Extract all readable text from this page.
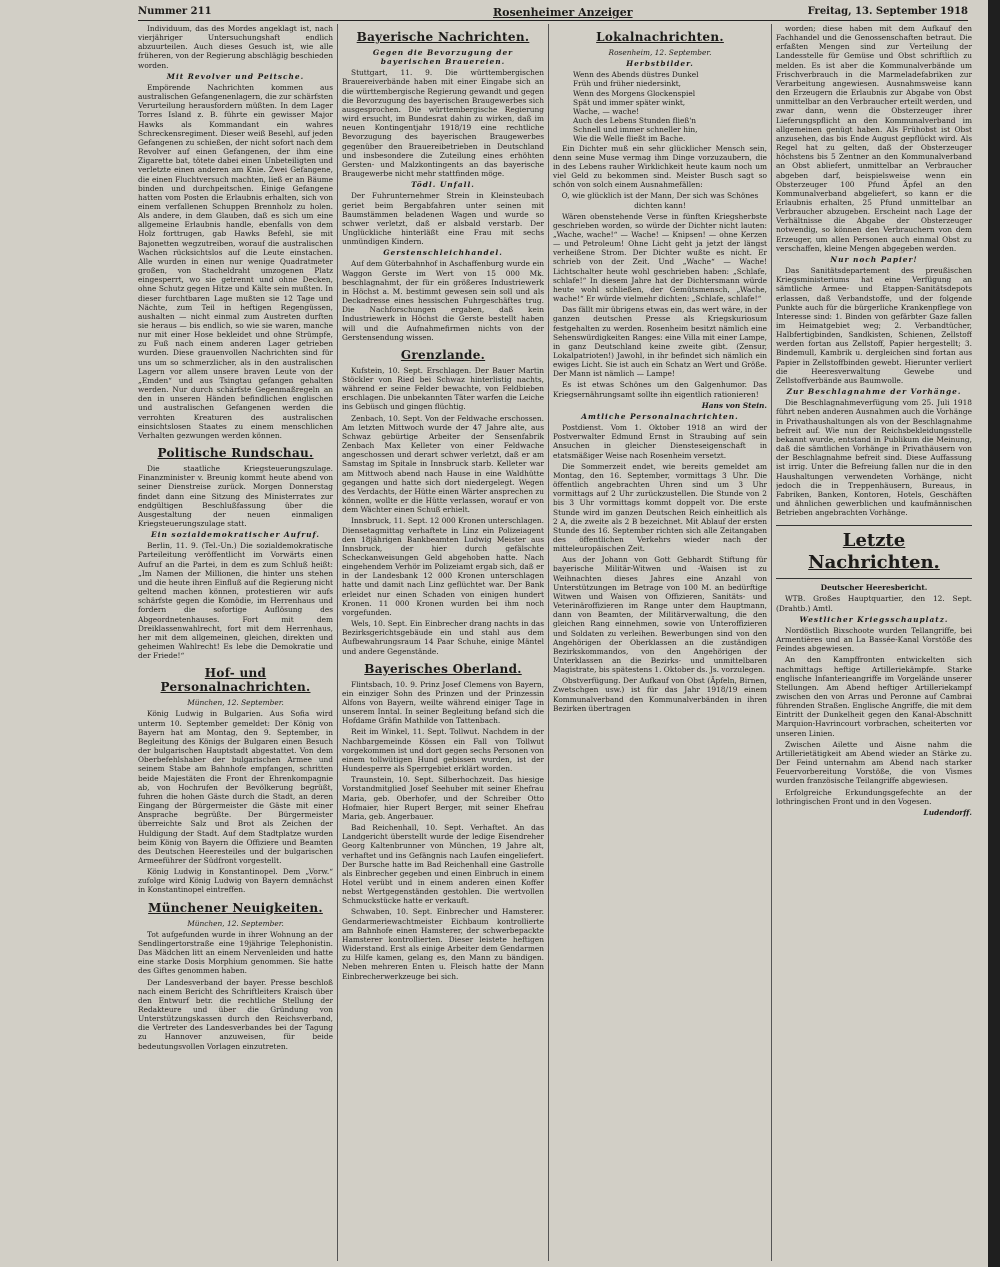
Nummer 211	Rosenheimer Anzeiger	Freitag, 13. September 1918

Individuum, das des Mordes angeklagt ist, nach vierjähriger Untersuchungshaft endlich abzuurteilen. Auch dieses Gesuch ist, wie alle früheren, von der Regierung abschlägig beschieden worden.

Mit Revolver und Peitsche.

Empörende Nachrichten kommen aus australischen Gefangenenlagern, die zur schärfsten Verurteilung herausfordern müßten. In dem Lager Torres Island z. B. führte ein gewisser Major Hawks als Kommandant ein wahres Schreckensregiment. Dieser weiß Besehl, auf jeden Gefangenen zu schießen, der nicht sofort nach dem Revolver auf einen Gefangenen, der ihm eine Zigarette bat, tötete dabei einen Unbeteiligten und verletzte einen anderen am Knie. Zwei Gefangene, die einen Fluchtversuch machten, ließ er an Bäume binden und durchpeitschen. Einige Gefangene hatten vom Posten die Erlaubnis erhalten, sich von einem verfallenen Schuppen Brennholz zu holen. Als andere, in dem Glauben, daß es sich um eine allgemeine Erlaubnis handle, ebenfalls von dem Holz forttrugen, gab Hawks Befehl, sie mit Bajonetten wegzutreiben, worauf die australischen Wachen rücksichtslos auf die Leute einstachen. Alle wurden in einen nur wenige Quadratmeter großen, von Stacheldraht umzogenen Platz eingesperrt, wo sie getrennt und ohne Decken, ohne Schutz gegen Hitze und Kälte sein mußten. In dieser furchtbaren Lage mußten sie 12 Tage und Nächte, zum Teil in heftigen Regengüssen, aushalten — nicht einmal zum Austreten durften sie heraus — bis endlich, so wie sie waren, manche nur mit einer Hose bekleidet und ohne Strümpfe, zu Fuß nach einem anderen Lager getrieben wurden. Diese grauenvollen Nachrichten sind für uns um so schmerzlicher, als in den australischen Lagern vor allem unsere braven Leute von der „Emden“ und aus Tsingtau gefangen gehalten werden. Nur durch schärfste Gegenmaßregeln an den in unseren Händen befindlichen englischen und australischen Gefangenen werden die verrohten Kreaturen des australischen einsichtslosen Staates zu einem menschlichen Verhalten gezwungen werden können.

Politische Rundschau.

Die staatliche Kriegsteuerungszulage. Finanzminister v. Breunig kommt heute abend von seiner Dienstreise zurück. Morgen Donnerstag findet dann eine Sitzung des Ministerrates zur endgültigen Beschlußfassung über die Ausgestaltung der neuen einmaligen Kriegsteuerungszulage statt.

Ein sozialdemokratischer Aufruf.

Berlin, 11. 9. (Tel.-Un.) Die sozialdemokratische Parteileitung veröffentlicht im Vorwärts einen Aufruf an die Partei, in dem es zum Schluß heißt: „Im Namen der Millionen, die hinter uns stehen und die heute ihren Einfluß auf die Regierung nicht geltend machen können, protestieren wir aufs schärfste gegen die Komödie, im Herrenhaus und fordern die sofortige Auflösung des Abgeordnetenhauses. Fort mit dem Dreiklassenwahlrecht, fort mit dem Herrenhaus, her mit dem allgemeinen, gleichen, direkten und geheimen Wahlrecht! Es lebe die Demokratie und der Friede!“

Hof- und Personalnachrichten.
München, 12. September.

König Ludwig in Bulgarien. Aus Sofia wird unterm 10. September gemeldet: Der König von Bayern hat am Montag, den 9. September, in Begleitung des Königs der Bulgaren einen Besuch der bulgarischen Hauptstadt abgestattet. Von dem Oberbefehlshaber der bulgarischen Armee und seinem Stabe am Bahnhofe empfangen, schritten beide Majestäten die Front der Ehrenkompagnie ab, von Hochrufen der Bevölkerung begrüßt, fuhren die hohen Gäste durch die Stadt, an deren Eingang der Bürgermeister die Gäste mit einer Ansprache begrüßte. Der Bürgermeister überreichte Salz und Brot als Zeichen der Huldigung der Stadt. Auf dem Stadtplatze wurden beim König von Bayern die Offiziere und Beamten des Deutschen Heeresteiles und der bulgarischen Armeeführer der Südfront vorgestellt.

König Ludwig in Konstantinopel. Dem „Vorw.“ zufolge wird König Ludwig von Bayern demnächst in Konstantinopel eintreffen.

Münchener Neuigkeiten.
München, 12. September.

Tot aufgefunden wurde in ihrer Wohnung an der Sendlingertorstraße eine 19jährige Telephonistin. Das Mädchen litt an einem Nervenleiden und hatte eine starke Dosis Morphium genommen. Sie hatte des Giftes genommen haben.

Der Landesverband der bayer. Presse beschloß nach einem Bericht des Schriftleiters Kraisch über den Entwurf betr. die rechtliche Stellung der Redakteure und über die Gründung von Unterstützungskassen durch den Reichsverband, die Vertreter des Landesverbandes bei der Tagung zu Hannover anzuweisen, für beide bedeutungsvollen Vorlagen einzutreten.

Bayerische Nachrichten.
Gegen die Bevorzugung der bayerischen Brauereien.

Stuttgart, 11. 9. Die württembergischen Brauereiverbände haben mit einer Eingabe sich an die württembergische Regierung gewandt und gegen die Bevorzugung des bayerischen Braugewerbes sich ausgesprochen. Die württembergische Regierung wird ersucht, im Bundesrat dahin zu wirken, daß im neuen Kontingentjahr 1918/19 eine rechtliche Bevorzugung des bayerischen Braugewerbes gegenüber den Brauereibetrieben in Deutschland und insbesondere die Zuteilung eines erhöhten Gersten- und Malzkontingents an das bayerische Braugewerbe nicht mehr stattfinden möge.

Tödl. Unfall.

Der Fuhrunternehmer Strein in Kleinsteubach geriet beim Bergabfahren unter seinen mit Baumstämmen beladenen Wagen und wurde so schwer verletzt, daß er alsbald verstarb. Der Unglückliche hinterläßt eine Frau mit sechs unmündigen Kindern.

Gerstenschleichhandel.

Auf dem Güterbahnhof in Aschaffenburg wurde ein Waggon Gerste im Wert von 15 000 Mk. beschlagnahmt, der für ein größeres Industriewerk in Höchst a. M. bestimmt gewesen sein soll und als Deckadresse eines hessischen Fuhrgeschäftes trug. Die Nachforschungen ergaben, daß kein Industriewerk in Höchst die Gerste bestellt haben will und die Aufnahmefirmen nichts von der Gerstensendung wissen.

Grenzlande.

Kufstein, 10. Sept. Erschlagen. Der Bauer Martin Stöckler von Ried bei Schwaz hinterlistig nachts, während er seine Felder bewachte, von Feldbieben erschlagen. Die unbekannten Täter warfen die Leiche ins Gebüsch und gingen flüchtig.

Zenbach, 10. Sept. Von der Feldwache erschossen. Am letzten Mittwoch wurde der 47 Jahre alte, aus Schwaz gebürtige Arbeiter der Sensenfabrik Zenbach Max Kelleter von einer Feldwache angeschossen und derart schwer verletzt, daß er am Samstag im Spitale in Innsbruck starb. Kelleter war am Mittwoch abend nach Hause in eine Waldhütte gegangen und hatte sich dort niedergelegt. Wegen des Verdachts, der Hütte einen Wärter ansprechen zu können, wollte er die Hütte verlassen, worauf er von dem Wächter einen Schuß erhielt.

Innsbruck, 11. Sept. 12 000 Kronen unterschlagen. Diensetagmittag verhaftete in Linz ein Polizeiagent den 18jährigen Bankbeamten Ludwig Meister aus Innsbruck, der hier durch gefälschte Scheckanweisungen Geld abgehoben hatte. Nach eingehendem Verhör im Polizeiamt ergab sich, daß er in der Landesbank 12 000 Kronen unterschlagen hatte und damit nach Linz geflüchtet war. Der Bank erleidet nur einen Schaden von einigen hundert Kronen. 11 000 Kronen wurden bei ihm noch vorgefunden.

Wels, 10. Sept. Ein Einbrecher drang nachts in das Bezirksgerichtsgebäude ein und stahl aus dem Aufbewahrungsraum 14 Paar Schuhe, einige Mäntel und andere Gegenstände.

Bayerisches Oberland.

Flintsbach, 10. 9. Prinz Josef Clemens von Bayern, ein einziger Sohn des Prinzen und der Prinzessin Alfons von Bayern, weilte während einiger Tage in unserem Inntal. In seiner Begleitung befand sich die Hofdame Gräfin Mathilde von Tattenbach.

Reit im Winkel, 11. Sept. Tollwut. Nachdem in der Nachbargemeinde Kössen ein Fall von Tollwut vorgekommen ist und dort gegen sechs Personen von einem tollwütigen Hund gebissen wurden, ist der Hundesperre als Sperrgebiet erklärt worden.

Traunstein, 10. Sept. Silberhochzeit. Das hiesige Vorstandmitglied Josef Seehuber mit seiner Ehefrau Maria, geb. Oberhofer, und der Schreiber Otto Hofmaier, hier Rupert Berger, mit seiner Ehefrau Maria, geb. Angerbauer.

Bad Reichenhall, 10. Sept. Verhaftet. An das Landgericht überstellt wurde der ledige Eisendreher Georg Kaltenbrunner von München, 19 Jahre alt, verhaftet und ins Gefängnis nach Laufen eingeliefert. Der Bursche hatte im Bad Reichenhall eine Gastrolle als Einbrecher gegeben und einen Einbruch in einem Hotel verübt und in einem anderen einen Koffer nebst Wertgegenständen gestohlen. Die wertvollen Schmuckstücke hatte er verkauft.

Schwaben, 10. Sept. Einbrecher und Hamsterer. Gendarmeriewachtmeister Eichbaum kontrollierte am Bahnhofe einen Hamsterer, der schwerbepackte Hamsterer kontrollierten. Dieser leistete heftigen Widerstand. Erst als einige Arbeiter dem Gendarmen zu Hilfe kamen, gelang es, den Mann zu bändigen. Neben mehreren Enten u. Fleisch hatte der Mann Einbrecherwerkzeuge bei sich.

Lokalnachrichten.
Rosenheim, 12. September.
Herbstbilder.
Wenn des Abends düstres Dunkel
Früh und früher niedersinkt,
Wenn des Morgens Glockenspiel
Spät und immer später winkt,
Wache, — wache!
Auch des Lebens Stunden fließ'n
Schnell und immer schneller hin,
Wie die Welle fließt im Bache.

Ein Dichter muß ein sehr glücklicher Mensch sein, denn seine Muse vermag ihm Dinge vorzuzaubern, die in des Lebens rauher Wirklichkeit heute kaum noch um viel Geld zu bekommen sind. Meister Busch sagt so schön von solch einem Ausnahmefällen:

O, wie glücklich ist der Mann, Der sich was Schönes dichten kann!

Wären obenstehende Verse in fünften Kriegsherbste geschrieben worden, so würde der Dichter nicht lauten: „Wache, wache!“ — Wache! — Knipsen! — ohne Kerzen — und Petroleum! Ohne Licht geht ja jetzt der längst verheißene Strom. Der Dichter wußte es nicht. Er schrieb von der Zeit. Und „Wache“ — Wache! Lichtschalter heute wohl geschrieben haben: „Schlafe, schlafe!“ In diesem Jahre hat der Dichtersmann würde heute wohl schließen, der Gemütsmensch, „Wache, wache!“ Er würde vielmehr dichten: „Schlafe, schlafe!“

Das fällt mir übrigens etwas ein, das wert wäre, in der ganzen deutschen Presse als Kriegskuriosum festgehalten zu werden. Rosenheim besitzt nämlich eine Sehenswürdigkeiten Ranges: eine Villa mit einer Lampe, in ganz Deutschland keine zweite gibt. (Zensur, Lokalpatrioten!) Jawohl, in ihr befindet sich nämlich ein ewiges Licht. Sie ist auch ein Schatz an Wert und Größe. Der Mann ist nämlich — Lampe!

Es ist etwas Schönes um den Galgenhumor. Das Kriegsernährungsamt sollte ihn eigentlich rationieren!

Hans von Stein.
Amtliche Personalnachrichten.

Postdienst. Vom 1. Oktober 1918 an wird der Postverwalter Edmund Ernst in Straubing auf sein Ansuchen in gleicher Diensteseigenschaft in etatsmäßiger Weise nach Rosenheim versetzt.

Die Sommerzeit endet, wie bereits gemeldet am Montag, den 16. September, vormittags 3 Uhr. Die öffentlich angebrachten Uhren sind um 3 Uhr vormittags auf 2 Uhr zurückzustellen. Die Stunde von 2 bis 3 Uhr vormittags kommt doppelt vor. Die erste Stunde wird im ganzen Deutschen Reich einheitlich als 2 A, die zweite als 2 B bezeichnet. Mit Ablauf der ersten Stunde des 16. September richten sich alle Zeitangaben des öffentlichen Verkehrs wieder nach der mitteleuropäischen Zeit.

Aus der Johann von Gott Gebhardt Stiftung für bayerische Militär-Witwen und -Waisen ist zu Weihnachten dieses Jahres eine Anzahl von Unterstützungen im Betrage von 100 M. an bedürftige Witwen und Waisen von Offizieren, Sanitäts- und Veterinäroffizieren im Range unter dem Hauptmann, dann von Beamten, der Militärverwaltung, die den gleichen Rang einnehmen, sowie von Unteroffizieren und Soldaten zu verleihen. Bewerbungen sind von den Angehörigen der Oberklassen an die zuständigen Bezirkskommandos, von den Angehörigen der Unterklassen an die Bezirks- und unmittelbaren Magistrate, bis spätestens 1. Oktober ds. Js. vorzulegen.

Obstverfügung. Der Aufkauf von Obst (Äpfeln, Birnen, Zwetschgen usw.) ist für das Jahr 1918/19 einem Kommunalverband den Kommunalverbänden in ihren Bezirken übertragen

worden; diese haben mit dem Aufkauf den Fachhandel und die Genossenschaften betraut. Die erfaßten Mengen sind zur Verteilung der Landesstelle für Gemüse und Obst schriftlich zu melden. Es ist aber die Kommunalverbände um Frischverbrauch in die Marmeladefabriken zur Verarbeitung angewiesen. Ausnahmsweise kann den Erzeugern die Erlaubnis zur Abgabe von Obst unmittelbar an den Verbraucher erteilt werden, und zwar dann, wenn die Obsterzeuger ihrer Lieferungspflicht an den Kommunalverband im allgemeinen genügt haben. Als Frühobst ist Obst anzusehen, das bis Ende August gepflückt wird. Als Regel hat zu gelten, daß der Obsterzeuger höchstens bis 5 Zentner an den Kommunalverband an Obst abliefert, unmittelbar an Verbraucher abgeben darf, beispielsweise wenn ein Obsterzeuger 100 Pfund Äpfel an den Kommunalverband abgeliefert, so kann er die Erlaubnis erhalten, 25 Pfund unmittelbar an Verbraucher abzugeben. Erscheint nach Lage der Verhältnisse die Abgabe der Obsterzeuger notwendig, so können den Verbrauchern von dem Erzeuger, um allen Personen auch einmal Obst zu verschaffen, kleine Mengen abgegeben werden.

Nur noch Papier!

Das Sanitätsdepartement des preußischen Kriegsministeriums hat eine Verfügung an sämtliche Armee- und Etappen-Sanitätsdepots erlassen, daß Verbandstoffe, und der folgende Punkte auch für die bürgerliche Krankenpflege von Interesse sind: 1. Binden von gefärbter Gaze fallen im Heimatgebiet weg; 2. Verbandtücher, Halbfertigbinden, Sandkisten, Schienen, Zellstoff werden fortan aus Zellstoff, Papier hergestellt; 3. Bindemull, Kambrik u. dergleichen sind fortan aus Papier in Zellstoffbinden gewebt. Hierunter verliert die Heeresverwaltung Gewebe und Zellstoffverbände aus Baumwolle.

Zur Beschlagnahme der Vorhänge.

Die Beschlagnahmeverfügung vom 25. Juli 1918 führt neben anderen Ausnahmen auch die Vorhänge in Privathaushaltungen als von der Beschlagnahme befreit auf. Wie nun der Reichsbekleidungsstelle bekannt wurde, entstand in Publikum die Meinung, daß die sämtlichen Vorhänge in Privathäusern von der Beschlagnahme befreit sind. Diese Auffassung ist irrig. Unter die Befreiung fallen nur die in den Haushaltungen verwendeten Vorhänge, nicht jedoch die in Treppenhäusern, Bureaus, in Fabriken, Banken, Kontoren, Hotels, Geschäften und ähnlichen gewerblichen und kaufmännischen Betrieben angebrachten Vorhänge.

Letzte Nachrichten.
Deutscher Heeresbericht.

WTB. Großes Hauptquartier, den 12. Sept. (Drahtb.) Amtl.

Westlicher Kriegsschauplatz.

Nordöstlich Bixschoote wurden Tellangriffe, bei Armentières und an La Bassée-Kanal Vorstöße des Feindes abgewiesen.

An den Kampffronten entwickelten sich nachmittags heftige Artilleriekämpfe. Starke englische Infanterieangriffe im Vorgelände unserer Stellungen. Am Abend heftiger Artilleriekampf zwischen den von Arras und Peronne auf Cambrai führenden Straßen. Englische Angriffe, die mit dem Eintritt der Dunkelheit gegen den Kanal-Abschnitt Marquion-Havrincourt vorbrachen, scheiterten vor unseren Linien.

Zwischen Ailette und Aisne nahm die Artillerietätigkeit am Abend wieder an Stärke zu. Der Feind unternahm am Abend nach starker Feuervorbereitung Vorstöße, die von Vismes wurden französische Teilangriffe abgewiesen.

Erfolgreiche Erkundungsgefechte an der lothringischen Front und in den Vogesen.

Ludendorff.
